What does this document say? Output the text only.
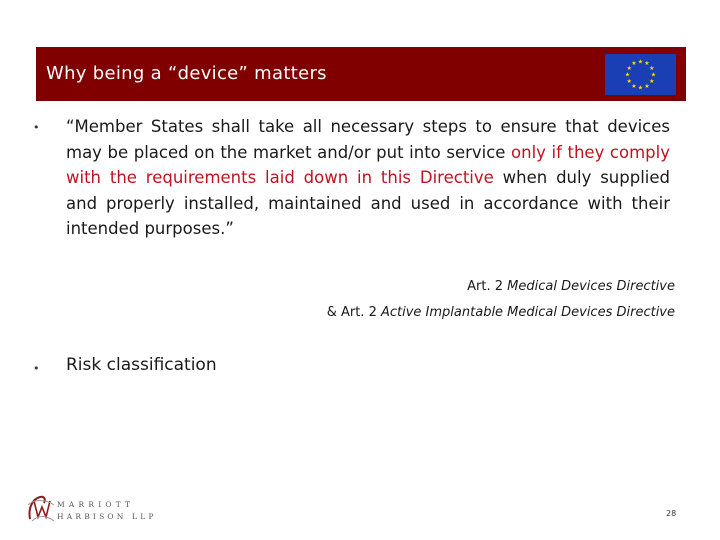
Why being a “device” matters
★ ★
★
★
★
★
★
★
★
★
★
★
• “Member States shall take all necessary steps to ensure that devices may be placed on the market and/or put into service only if they comply with the requirements laid down in this Directive when duly supplied and properly installed, maintained and used in accordance with their intended purposes.”
Art. 2 Medical Devices Directive
& Art. 2 Active Implantable Medical Devices Directive
• Risk classification
MARRIOTT
HARBISON LLP	28
